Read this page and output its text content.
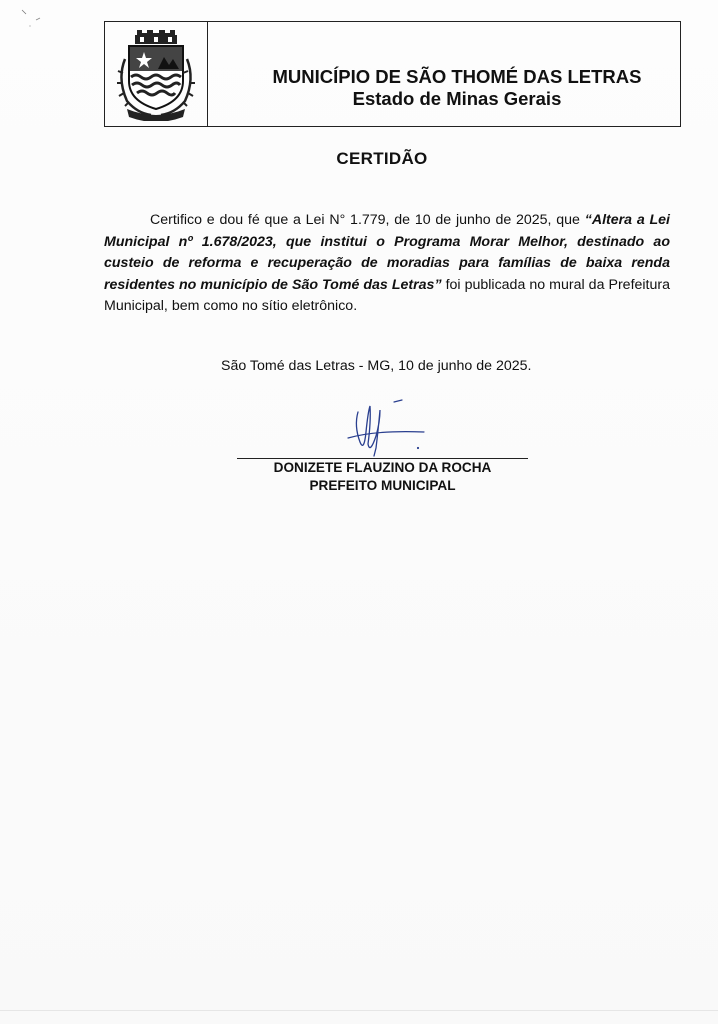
MUNICÍPIO DE SÃO THOMÉ DAS LETRAS
Estado de Minas Gerais
CERTIDÃO
Certifico e dou fé que a Lei N° 1.779, de 10 de junho de 2025, que “Altera a Lei Municipal nº 1.678/2023, que institui o Programa Morar Melhor, destinado ao custeio de reforma e recuperação de moradias para famílias de baixa renda residentes no município de São Tomé das Letras” foi publicada no mural da Prefeitura Municipal, bem como no sítio eletrônico.
São Tomé das Letras - MG, 10 de junho de 2025.
DONIZETE FLAUZINO DA ROCHA
PREFEITO MUNICIPAL
